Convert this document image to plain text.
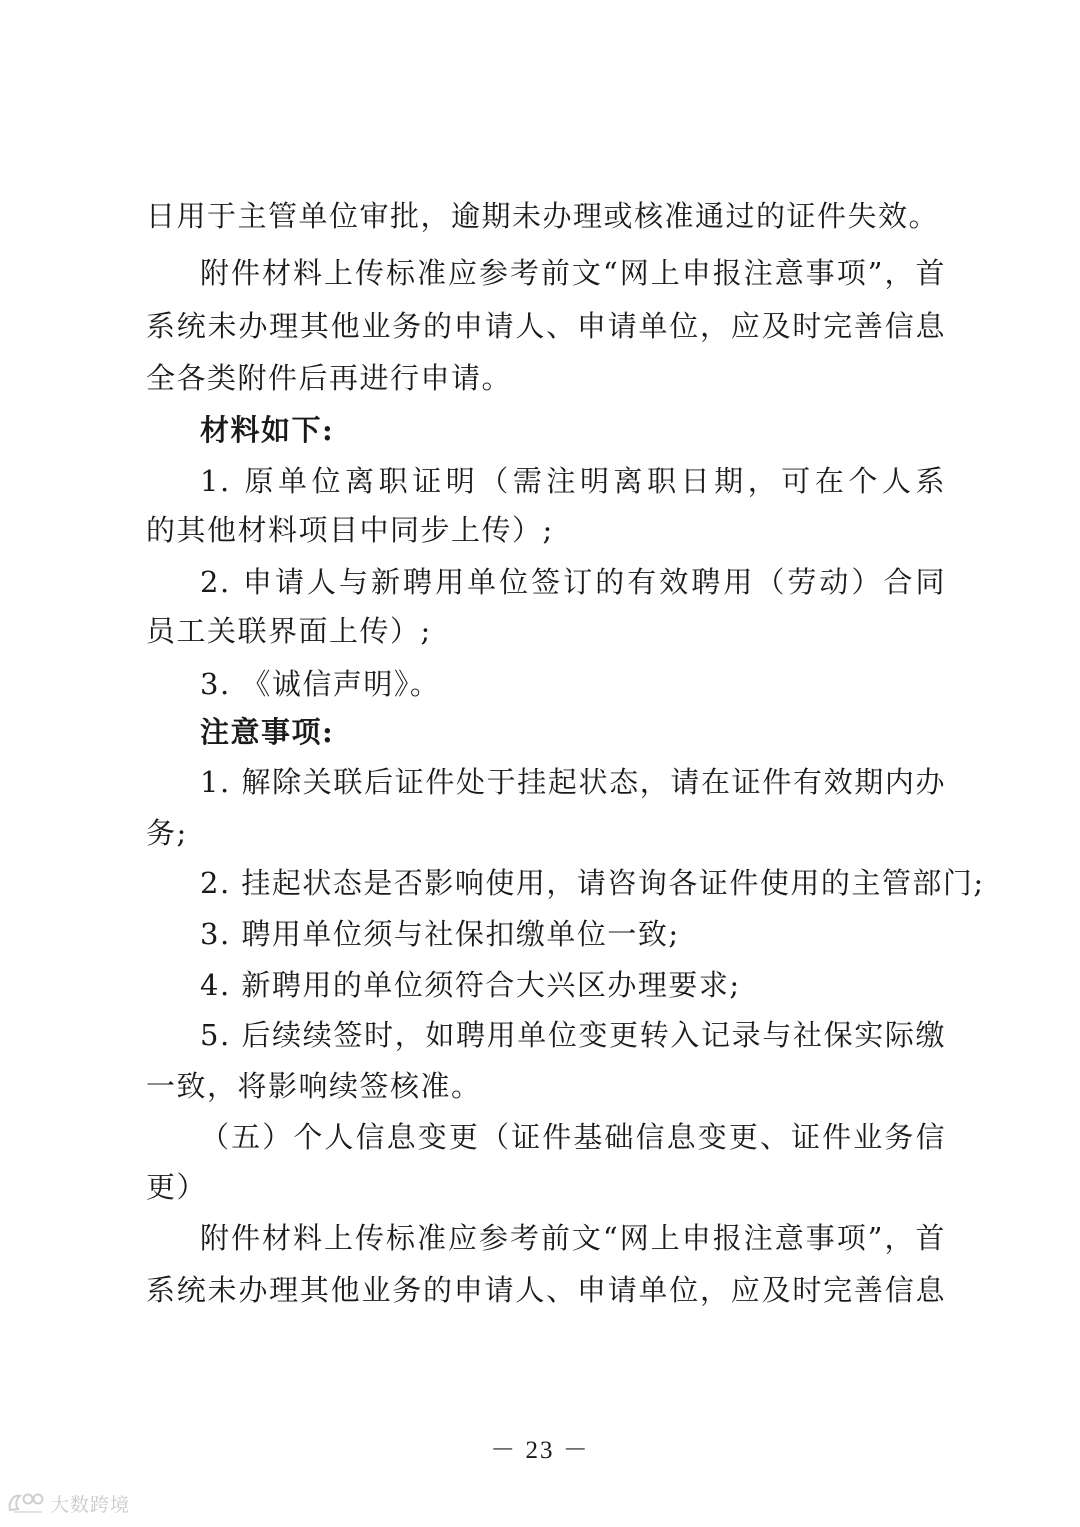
日用于主管单位审批，逾期未办理或核准通过的证件失效。
附件材料上传标准应参考前文“网上申报注意事项”，首
系统未办理其他业务的申请人、申请单位，应及时完善信息
全各类附件后再进行申请。
材料如下:
1. 原单位离职证明（需注明离职日期，可在个人系
的其他材料项目中同步上传）;
2. 申请人与新聘用单位签订的有效聘用（劳动）合同
员工关联界面上传）;
3. 《诚信声明》。
注意事项:
1. 解除关联后证件处于挂起状态，请在证件有效期内办
务;
2. 挂起状态是否影响使用，请咨询各证件使用的主管部门;
3. 聘用单位须与社保扣缴单位一致;
4. 新聘用的单位须符合大兴区办理要求;
5. 后续续签时，如聘用单位变更转入记录与社保实际缴
一致，将影响续签核准。
（五）个人信息变更（证件基础信息变更、证件业务信
更）
附件材料上传标准应参考前文“网上申报注意事项”，首
系统未办理其他业务的申请人、申请单位，应及时完善信息
－ 23 －
大数跨境
